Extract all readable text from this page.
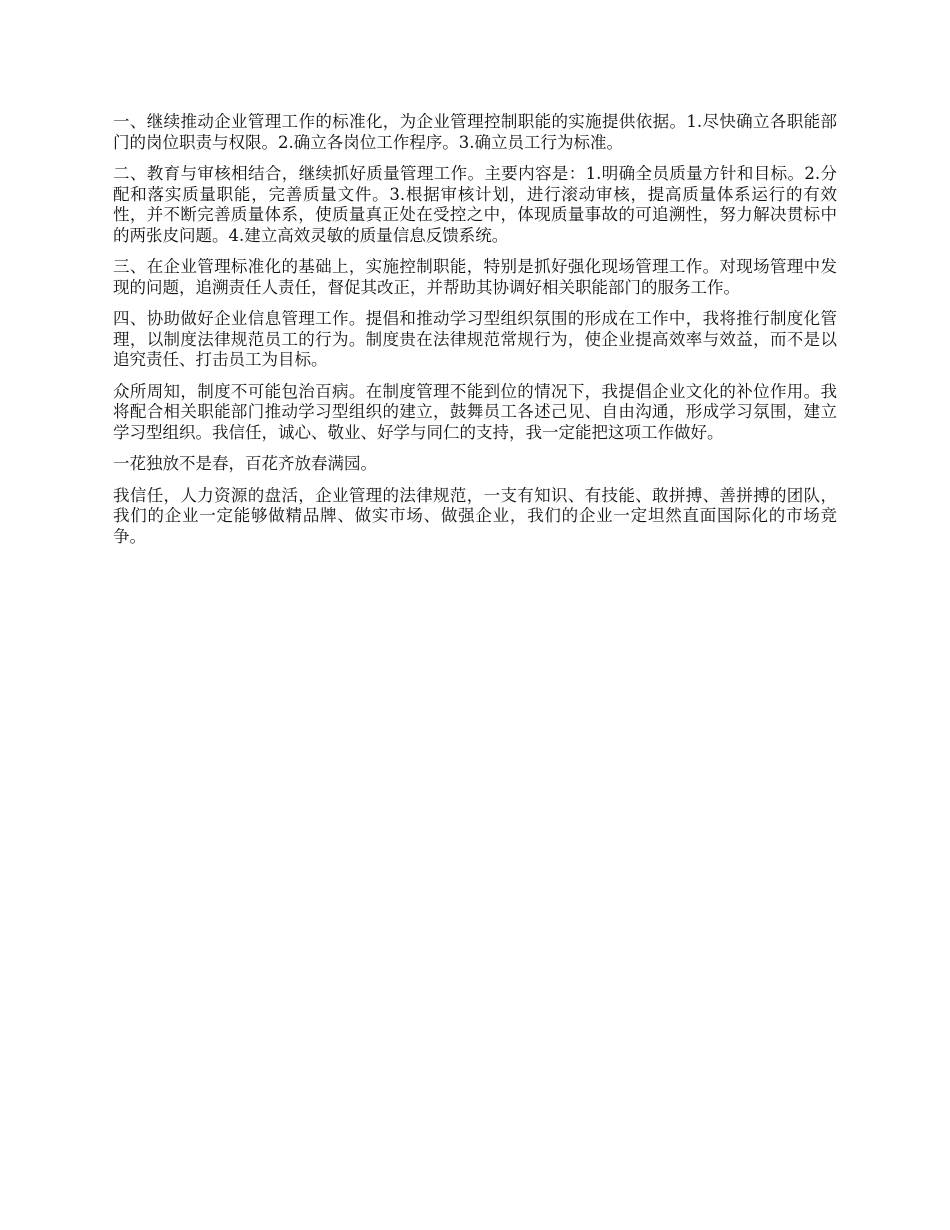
一、继续推动企业管理工作的标准化，为企业管理控制职能的实施提供依据。1.尽快确立各职能部门的岗位职责与权限。2.确立各岗位工作程序。3.确立员工行为标准。

二、教育与审核相结合，继续抓好质量管理工作。主要内容是：1.明确全员质量方针和目标。2.分配和落实质量职能，完善质量文件。3.根据审核计划，进行滚动审核，提高质量体系运行的有效性，并不断完善质量体系，使质量真正处在受控之中，体现质量事故的可追溯性，努力解决贯标中的两张皮问题。4.建立高效灵敏的质量信息反馈系统。

三、在企业管理标准化的基础上，实施控制职能，特别是抓好强化现场管理工作。对现场管理中发现的问题，追溯责任人责任，督促其改正，并帮助其协调好相关职能部门的服务工作。

四、协助做好企业信息管理工作。提倡和推动学习型组织氛围的形成在工作中，我将推行制度化管理，以制度法律规范员工的行为。制度贵在法律规范常规行为，使企业提高效率与效益，而不是以追究责任、打击员工为目标。

众所周知，制度不可能包治百病。在制度管理不能到位的情况下，我提倡企业文化的补位作用。我将配合相关职能部门推动学习型组织的建立，鼓舞员工各述己见、自由沟通，形成学习氛围，建立学习型组织。我信任，诚心、敬业、好学与同仁的支持，我一定能把这项工作做好。

一花独放不是春，百花齐放春满园。

我信任，人力资源的盘活，企业管理的法律规范，一支有知识、有技能、敢拼搏、善拼搏的团队，我们的企业一定能够做精品牌、做实市场、做强企业，我们的企业一定坦然直面国际化的市场竞争。
